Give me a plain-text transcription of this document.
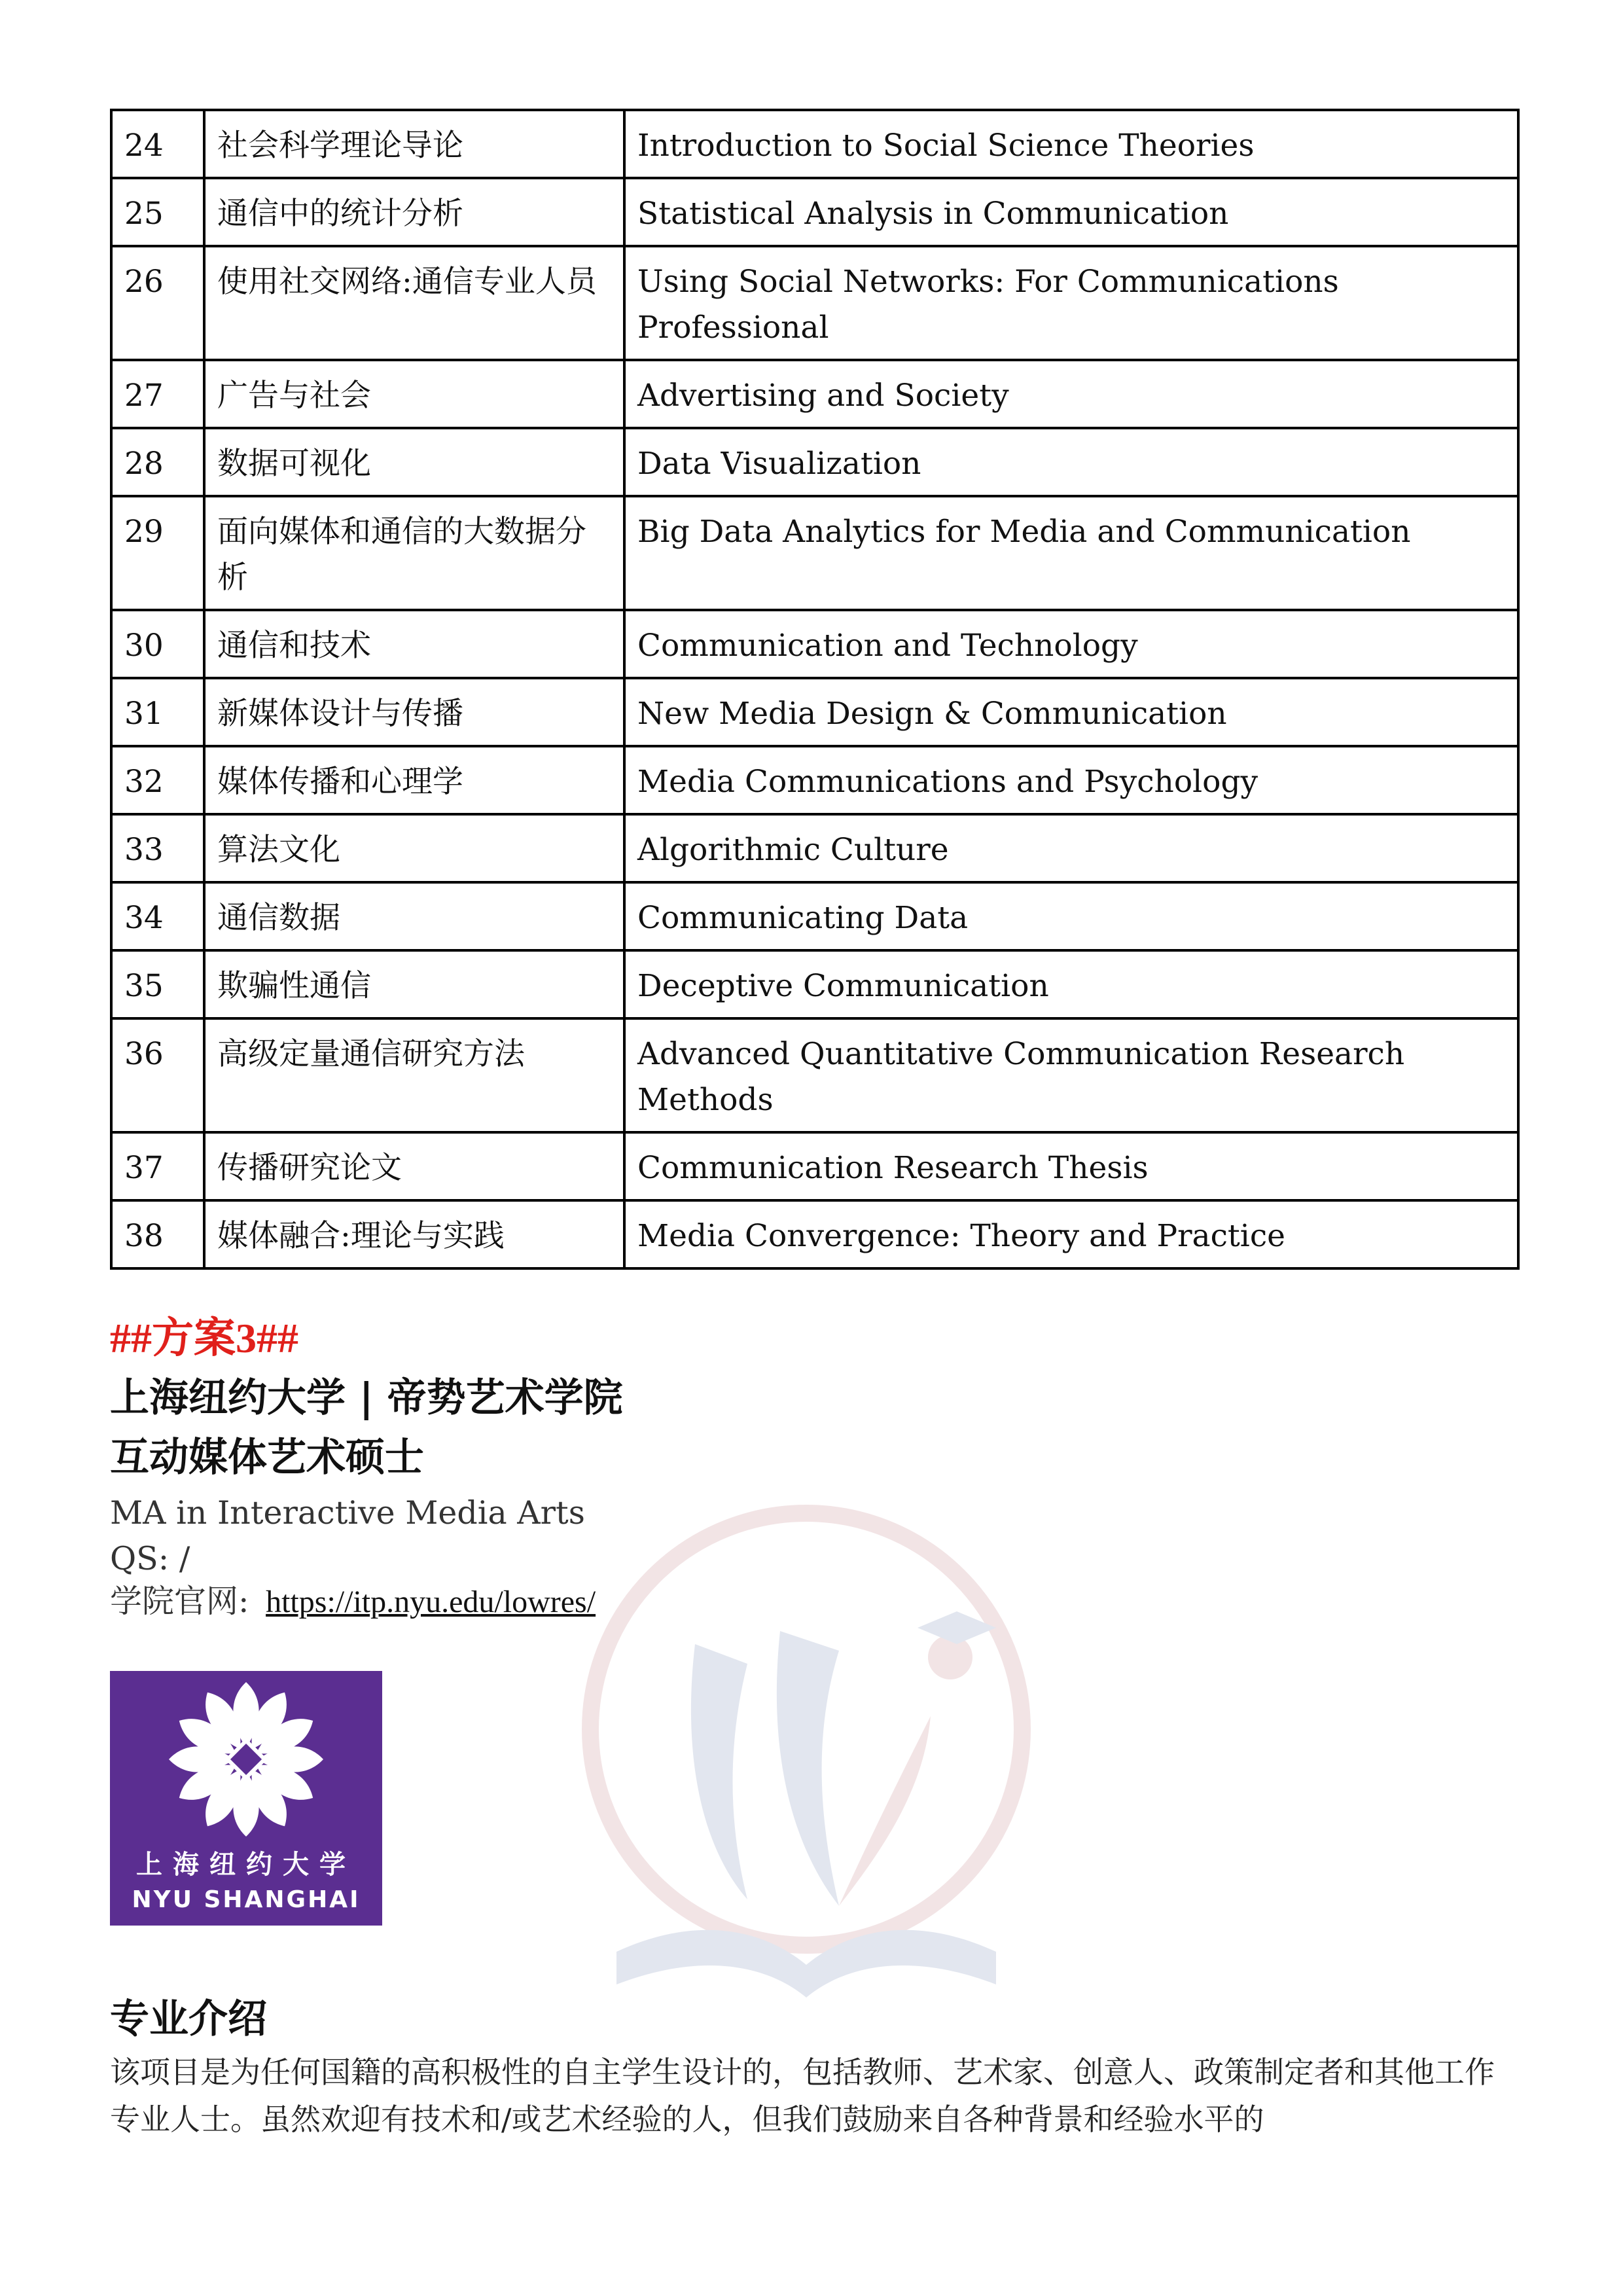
24	社会科学理论导论	Introduction to Social Science Theories
25	通信中的统计分析	Statistical Analysis in Communication
26	使用社交网络:通信专业人员	Using Social Networks: For Communications Professional
27	广告与社会	Advertising and Society
28	数据可视化	Data Visualization
29	面向媒体和通信的大数据分析	Big Data Analytics for Media and Communication
30	通信和技术	Communication and Technology
31	新媒体设计与传播	New Media Design & Communication
32	媒体传播和心理学	Media Communications and Psychology
33	算法文化	Algorithmic Culture
34	通信数据	Communicating Data
35	欺骗性通信	Deceptive Communication
36	高级定量通信研究方法	Advanced Quantitative Communication Research Methods
37	传播研究论文	Communication Research Thesis
38	媒体融合:理论与实践	Media Convergence: Theory and Practice
##方案3##
上海纽约大学 | 帝势艺术学院
互动媒体艺术硕士
MA in Interactive Media Arts
QS: /
学院官网: https://itp.nyu.edu/lowres/
上海纽约大学
NYU SHANGHAI
专业介绍
该项目是为任何国籍的高积极性的自主学生设计的，包括教师、艺术家、创意人、政策制定者和其他工作专业人士。虽然欢迎有技术和/或艺术经验的人，但我们鼓励来自各种背景和经验水平的
